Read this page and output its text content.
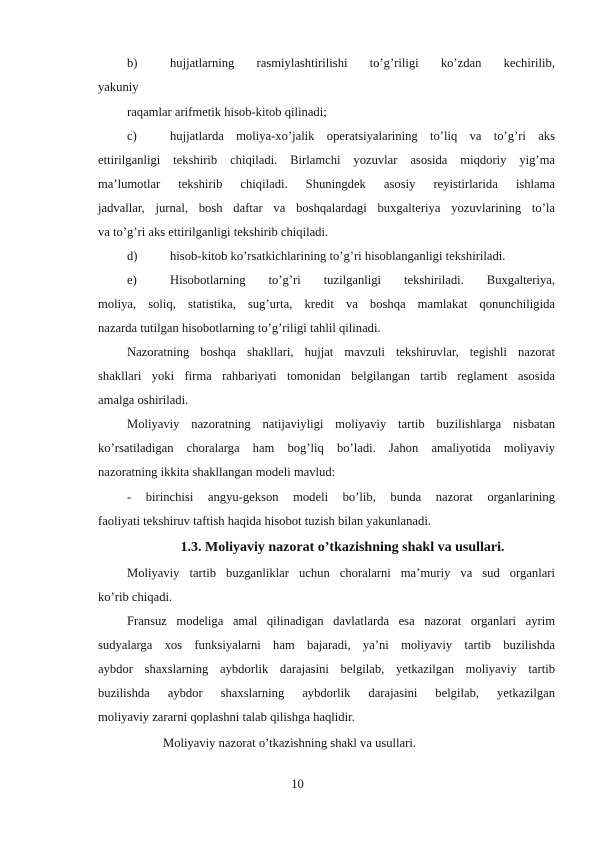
b)	hujjatlarning rasmiylashtirilishi to’g’riligi ko’zdan kechirilib,
yakuniy
raqamlar arifmetik hisob-kitob qilinadi;
c)	hujjatlarda moliya-xo’jalik operatsiyalarining to’liq va to’g’ri aks
ettirilganligi tekshirib chiqiladi. Birlamchi yozuvlar asosida miqdoriy yig’ma
ma’lumotlar tekshirib chiqiladi. Shuningdek asosiy reyistirlarida ishlama
jadvallar, jurnal, bosh daftar va boshqalardagi buxgalteriya yozuvlarining to’la
va to’g’ri aks ettirilganligi tekshirib chiqiladi.
d)	hisob-kitob ko’rsatkichlarining to’g’ri hisoblanganligi tekshiriladi.
e)	Hisobotlarning to’g’ri tuzilganligi tekshiriladi. Buxgalteriya,
moliya, soliq, statistika, sug’urta, kredit va boshqa mamlakat qonunchiligida
nazarda tutilgan hisobotlarning to’g’riligi tahlil qilinadi.
Nazoratning boshqa shakllari, hujjat mavzuli tekshiruvlar, tegishli nazorat
shakllari yoki firma rahbariyati tomonidan belgilangan tartib reglament asosida
amalga oshiriladi.
Moliyaviy nazoratning natijaviyligi moliyaviy tartib buzilishlarga nisbatan
ko’rsatiladigan choralarga ham bog’liq bo’ladi. Jahon amaliyotida moliyaviy
nazoratning ikkita shakllangan modeli mavlud:
- birinchisi angyu-gekson modeli bo’lib, bunda nazorat organlarining
faoliyati tekshiruv taftish haqida hisobot tuzish bilan yakunlanadi.
1.3. Moliyaviy nazorat o’tkazishning shakl va usullari.
Moliyaviy tartib buzganliklar uchun choralarni ma’muriy va sud organlari
ko’rib chiqadi.
Fransuz modeliga amal qilinadigan davlatlarda esa nazorat organlari ayrim
sudyalarga xos funksiyalarni ham bajaradi, ya’ni moliyaviy tartib buzilishda
aybdor shaxslarning aybdorlik darajasini belgilab, yetkazilgan moliyaviy tartib
buzilishda aybdor shaxslarning aybdorlik darajasini belgilab, yetkazilgan
moliyaviy zararni qoplashni talab qilishga haqlidir.
Moliyaviy nazorat o’tkazishning shakl va usullari.
10
